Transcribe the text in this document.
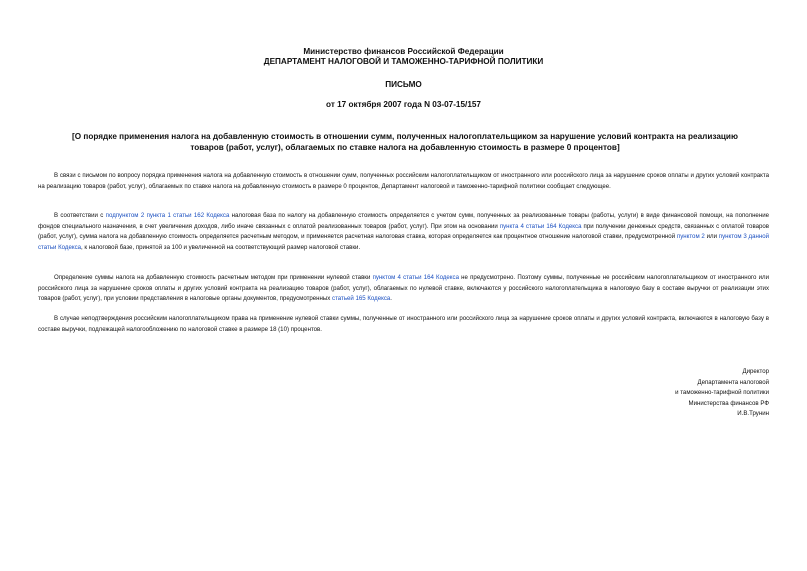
Министерство финансов Российской Федерации
ДЕПАРТАМЕНТ НАЛОГОВОЙ И ТАМОЖЕННО-ТАРИФНОЙ ПОЛИТИКИ
ПИСЬМО
от 17 октября 2007 года N 03-07-15/157
[О порядке применения налога на добавленную стоимость в отношении сумм, полученных налогоплательщиком за нарушение условий контракта на реализацию
товаров (работ, услуг), облагаемых по ставке налога на добавленную стоимость в размере 0 процентов]

В связи с письмом по вопросу порядка применения налога на добавленную стоимость в отношении сумм, полученных российским налогоплательщиком от иностранного или российского лица за нарушение сроков оплаты и других условий контракта на реализацию товаров (работ, услуг), облагаемых по ставке налога на добавленную стоимость в размере 0 процентов, Департамент налоговой и таможенно-тарифной политики сообщает следующее.

В соответствии с подпунктом 2 пункта 1 статьи 162 Кодекса налоговая база по налогу на добавленную стоимость определяется с учетом сумм, полученных за реализованные товары (работы, услуги) в виде финансовой помощи, на пополнение фондов специального назначения, в счет увеличения доходов, либо иначе связанных с оплатой реализованных товаров (работ, услуг). При этом на основании пункта 4 статьи 164 Кодекса при получении денежных средств, связанных с оплатой товаров (работ, услуг), сумма налога на добавленную стоимость определяется расчетным методом, и применяется расчетная налоговая ставка, которая определяется как процентное отношение налоговой ставки, предусмотренной пунктом 2 или пунктом 3 данной статьи Кодекса, к налоговой базе, принятой за 100 и увеличенной на соответствующий размер налоговой ставки.

Определение суммы налога на добавленную стоимость расчетным методом при применении нулевой ставки пунктом 4 статьи 164 Кодекса не предусмотрено. Поэтому суммы, полученные не российским налогоплательщиком от иностранного или российского лица за нарушение сроков оплаты и других условий контракта на реализацию товаров (работ, услуг), облагаемых по нулевой ставке, включаются у российского налогоплательщика в налоговую базу в составе выручки от реализации этих товаров (работ, услуг), при условии представления в налоговые органы документов, предусмотренных статьей 165 Кодекса.

В случае неподтверждения российским налогоплательщиком права на применение нулевой ставки суммы, полученные от иностранного или российского лица за нарушение сроков оплаты и других условий контракта, включаются в налоговую базу в составе выручки, подлежащей налогообложению по налоговой ставке в размере 18 (10) процентов.

Директор
Департамента налоговой
и таможенно-тарифной политики
Министерства финансов РФ
И.В.Трунин
